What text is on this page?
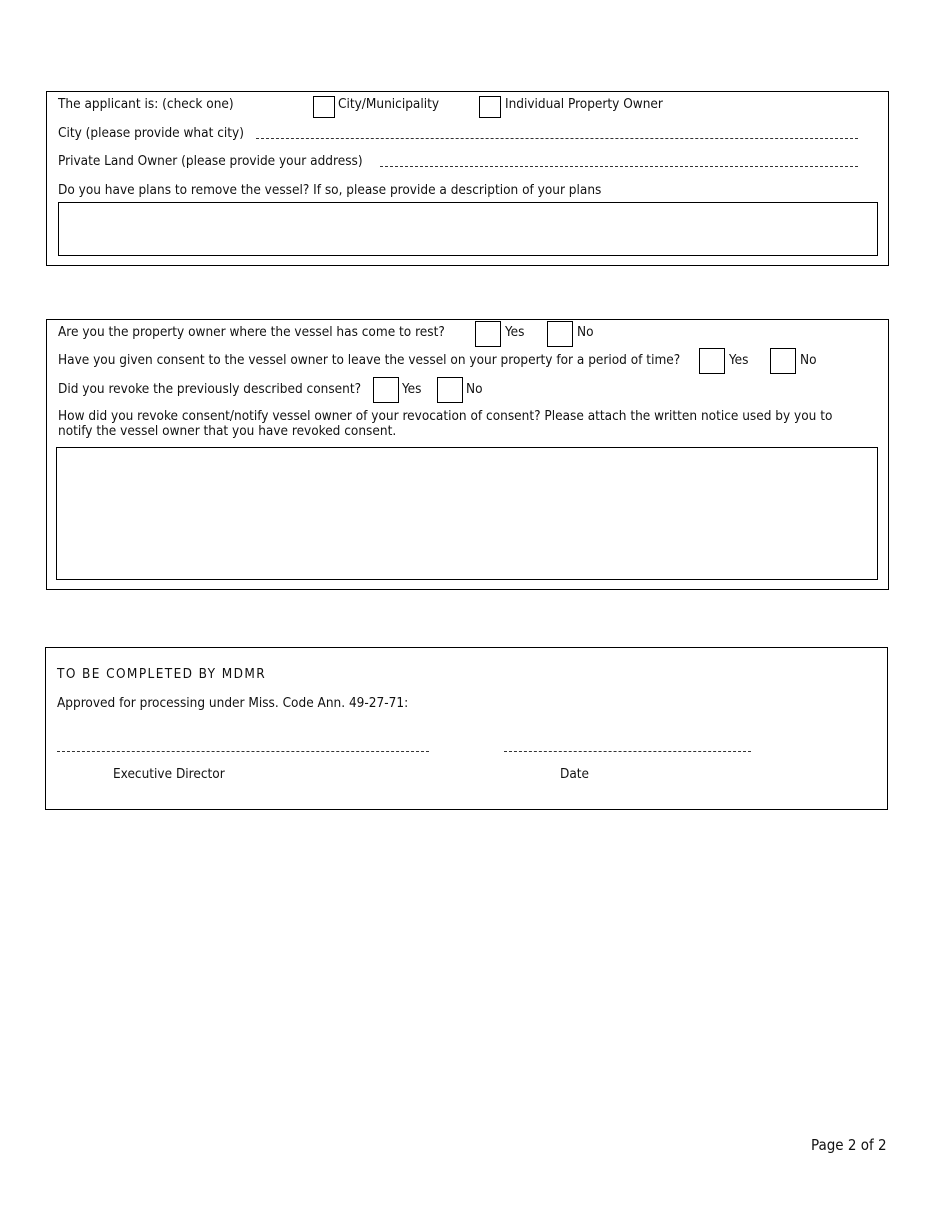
The applicant is: (check one)	City/Municipality	Individual Property Owner
City (please provide what city)
Private Land Owner (please provide your address)
Do you have plans to remove the vessel? If so, please provide a description of your plans
Are you the property owner where the vessel has come to rest?	Yes	No
Have you given consent to the vessel owner to leave the vessel on your property for a period of time?	Yes	No
Did you revoke the previously described consent?	Yes	No
How did you revoke consent/notify vessel owner of your revocation of consent? Please attach the written notice used by you to notify the vessel owner that you have revoked consent.
TO BE COMPLETED BY MDMR
Approved for processing under Miss. Code Ann. 49-27-71:
Executive Director	Date
Page 2 of 2
